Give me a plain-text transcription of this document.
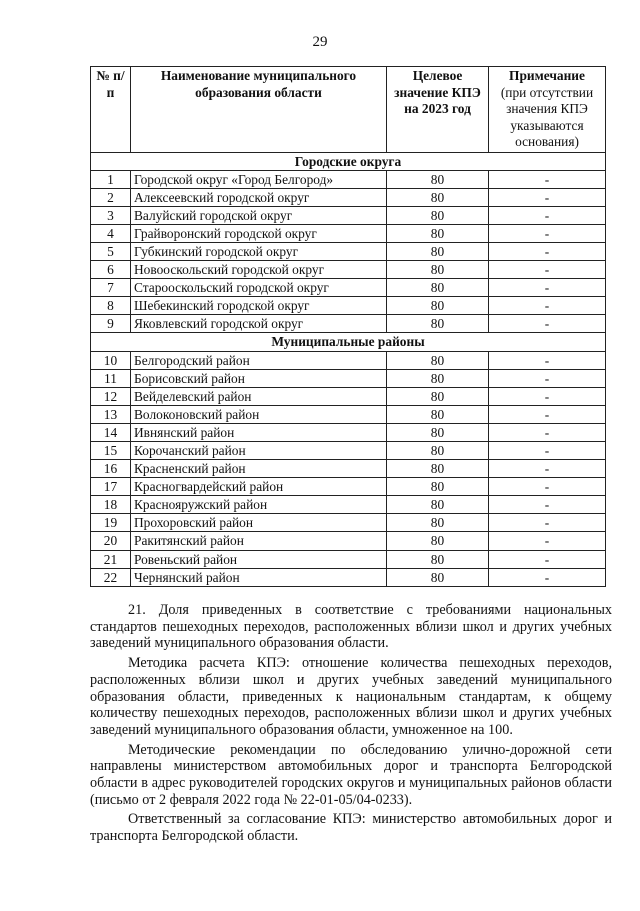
29
№ п/п	Наименование муниципального образования области	Целевое значение КПЭ на 2023 год	Примечание
(при отсутствии значения КПЭ указываются основания)

Городские округа			
1	Городской округ «Город Белгород»	80	-
2	Алексеевский городской округ	80	-
3	Валуйский городской округ	80	-
4	Грайворонский городской округ	80	-
5	Губкинский городской округ	80	-
6	Новооскольский городской округ	80	-
7	Старооскольский городской округ	80	-
8	Шебекинский городской округ	80	-
9	Яковлевский городской округ	80	-
Муниципальные районы			
10	Белгородский район	80	-
11	Борисовский район	80	-
12	Вейделевский район	80	-
13	Волоконовский район	80	-
14	Ивнянский район	80	-
15	Корочанский район	80	-
16	Красненский район	80	-
17	Красногвардейский район	80	-
18	Краснояружский район	80	-
19	Прохоровский район	80	-
20	Ракитянский район	80	-
21	Ровеньский район	80	-
22	Чернянский район	80	-

21. Доля приведенных в соответствие с требованиями национальных стандартов пешеходных переходов, расположенных вблизи школ и других учебных заведений муниципального образования области.

Методика расчета КПЭ: отношение количества пешеходных переходов, расположенных вблизи школ и других учебных заведений муниципального образования области, приведенных к национальным стандартам, к общему количеству пешеходных переходов, расположенных вблизи школ и других учебных заведений муниципального образования области, умноженное на 100.

Методические рекомендации по обследованию улично-дорожной сети направлены министерством автомобильных дорог и транспорта Белгородской области в адрес руководителей городских округов и муниципальных районов области (письмо от 2 февраля 2022 года № 22-01-05/04-0233).

Ответственный за согласование КПЭ: министерство автомобильных дорог и транспорта Белгородской области.
